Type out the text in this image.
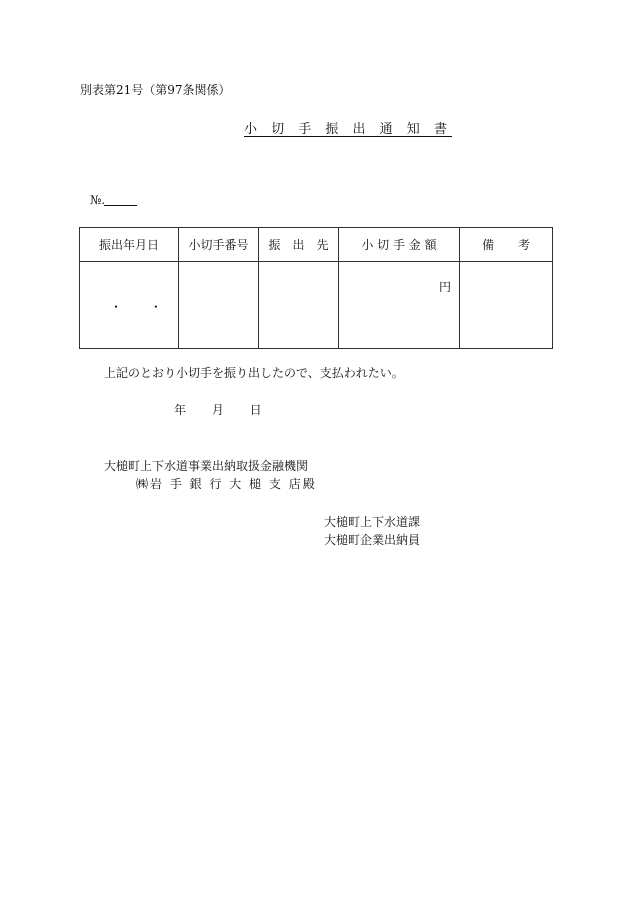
別表第21号（第97条関係）
小 切 手 振 出 通 知 書
№.
振出年月日	小切手番号	振　出　先	小 切 手 金 額	備　　考

・ ・			円	

上記のとおり小切手を振り出したので、支払われたい。
年 月 日
大槌町上下水道事業出納取扱金融機関
㈱岩 手 銀 行 大 槌 支 店殿
大槌町上下水道課
大槌町企業出納員
